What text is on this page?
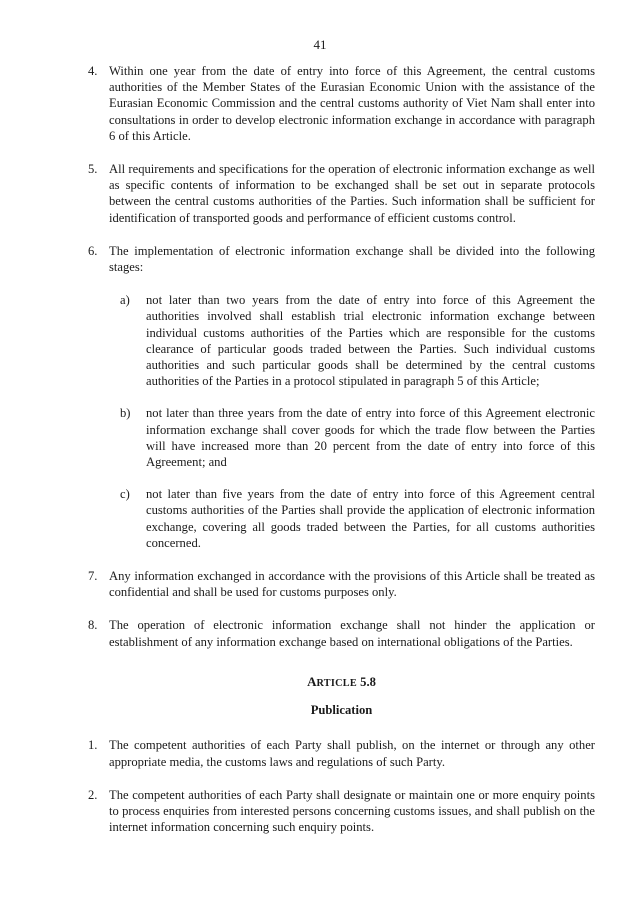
41
4. Within one year from the date of entry into force of this Agreement, the central customs authorities of the Member States of the Eurasian Economic Union with the assistance of the Eurasian Economic Commission and the central customs authority of Viet Nam shall enter into consultations in order to develop electronic information exchange in accordance with paragraph 6 of this Article.
5. All requirements and specifications for the operation of electronic information exchange as well as specific contents of information to be exchanged shall be set out in separate protocols between the central customs authorities of the Parties. Such information shall be sufficient for identification of transported goods and performance of efficient customs control.
6. The implementation of electronic information exchange shall be divided into the following stages:
a) not later than two years from the date of entry into force of this Agreement the authorities involved shall establish trial electronic information exchange between individual customs authorities of the Parties which are responsible for the customs clearance of particular goods traded between the Parties. Such individual customs authorities and such particular goods shall be determined by the central customs authorities of the Parties in a protocol stipulated in paragraph 5 of this Article;
b) not later than three years from the date of entry into force of this Agreement electronic information exchange shall cover goods for which the trade flow between the Parties will have increased more than 20 percent from the date of entry into force of this Agreement; and
c) not later than five years from the date of entry into force of this Agreement central customs authorities of the Parties shall provide the application of electronic information exchange, covering all goods traded between the Parties, for all customs authorities concerned.
7. Any information exchanged in accordance with the provisions of this Article shall be treated as confidential and shall be used for customs purposes only.
8. The operation of electronic information exchange shall not hinder the application or establishment of any information exchange based on international obligations of the Parties.
ARTICLE 5.8
Publication
1. The competent authorities of each Party shall publish, on the internet or through any other appropriate media, the customs laws and regulations of such Party.
2. The competent authorities of each Party shall designate or maintain one or more enquiry points to process enquiries from interested persons concerning customs issues, and shall publish on the internet information concerning such enquiry points.
